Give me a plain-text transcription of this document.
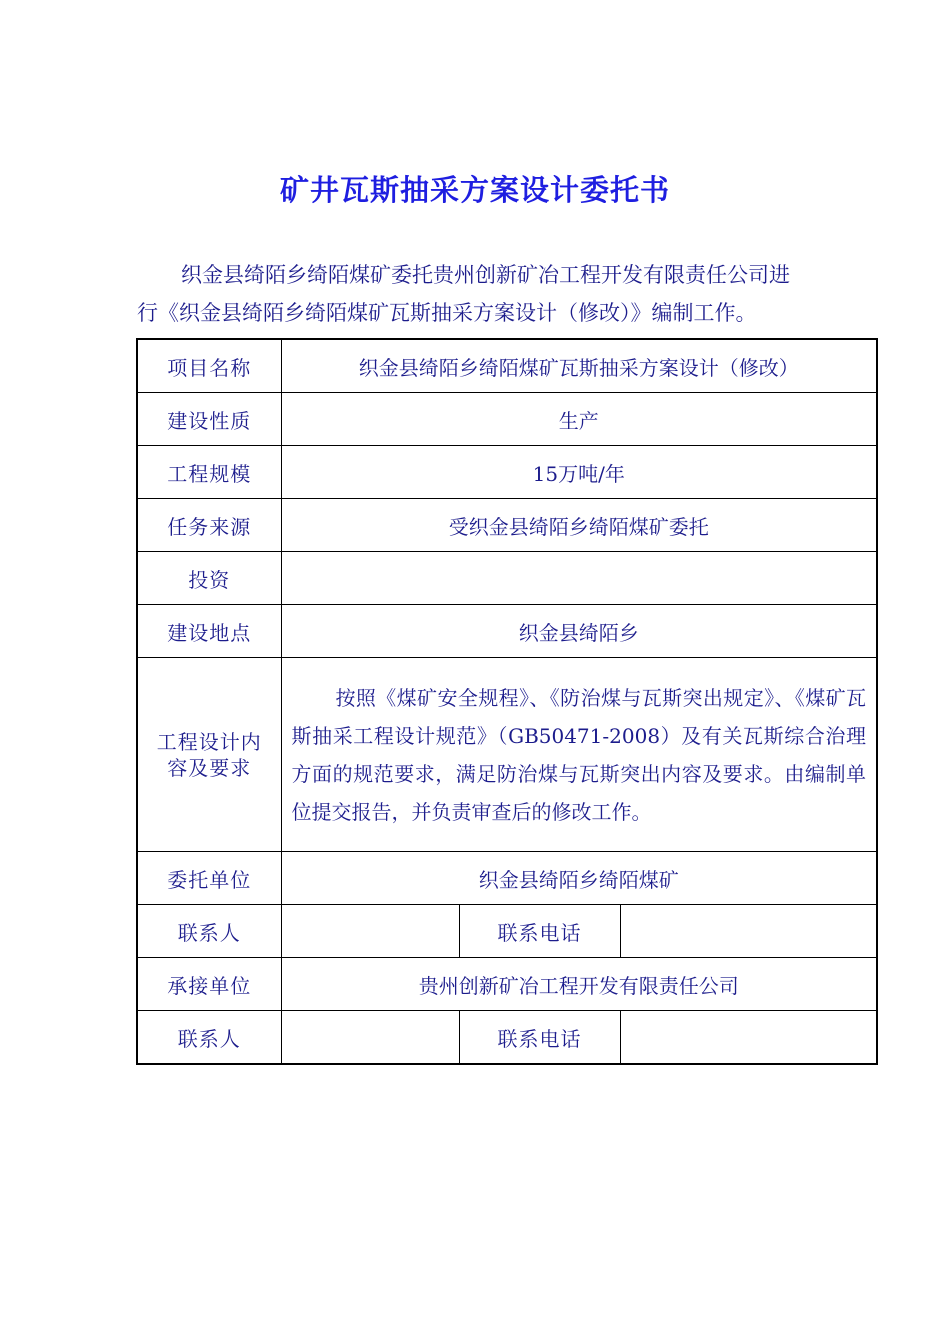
矿井瓦斯抽采方案设计委托书
织金县绮陌乡绮陌煤矿委托贵州创新矿冶工程开发有限责任公司进
行《织金县绮陌乡绮陌煤矿瓦斯抽采方案设计（修改）》编制工作。
项目名称	织金县绮陌乡绮陌煤矿瓦斯抽采方案设计（修改）		
建设性质	生产		
工程规模	15万吨/年		
任务来源	受织金县绮陌乡绮陌煤矿委托		
投资			
建设地点	织金县绮陌乡		
工程设计内
容及要求	按照《煤矿安全规程》、《防治煤与瓦斯突出规定》、《煤矿瓦斯抽采工程设计规范》（GB50471-2008）及有关瓦斯综合治理方面的规范要求，满足防治煤与瓦斯突出内容及要求。由编制单位提交报告，并负责审查后的修改工作。		

委托单位	织金县绮陌乡绮陌煤矿		
联系人		联系电话	
承接单位	贵州创新矿冶工程开发有限责任公司		
联系人		联系电话	
